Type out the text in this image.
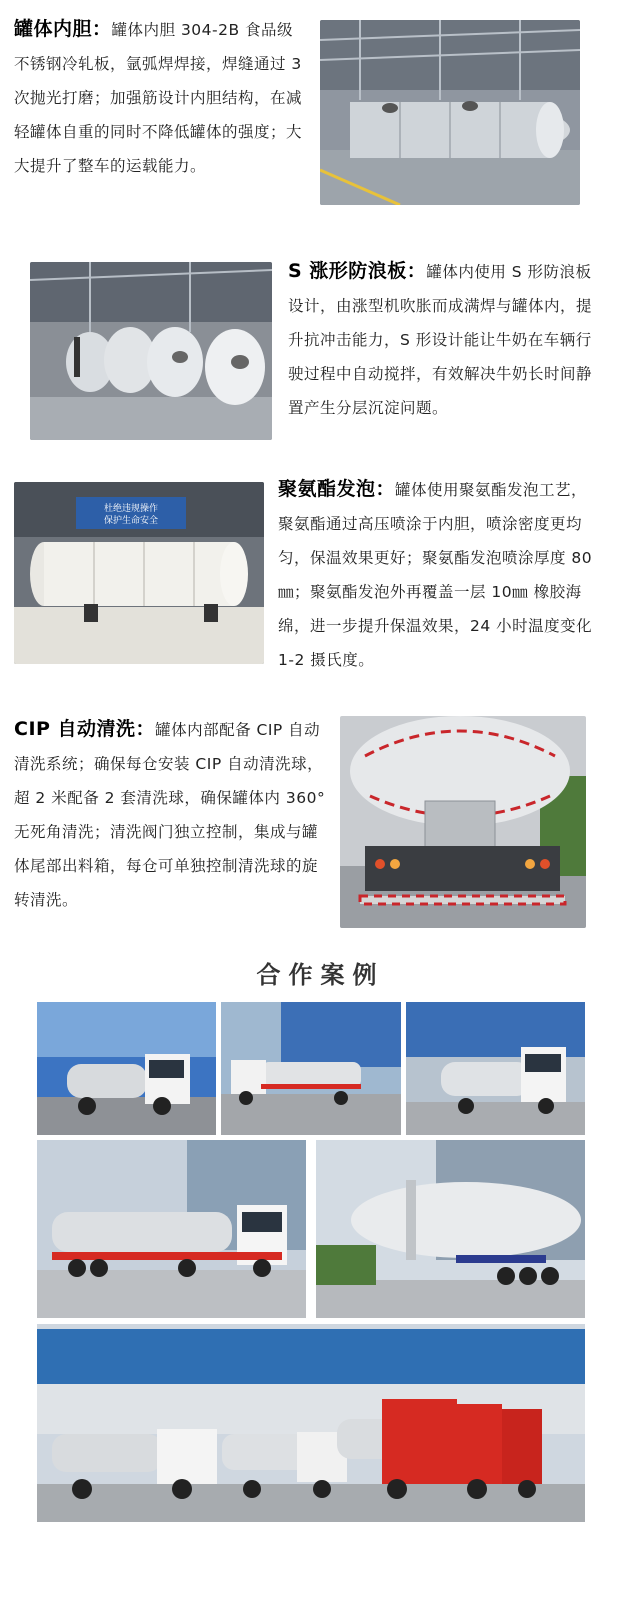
罐体内胆：罐体内胆 304-2B 食品级不锈钢冷轧板，氩弧焊焊接，焊缝通过 3 次抛光打磨；加强筋设计内胆结构，在减轻罐体自重的同时不降低罐体的强度；大大提升了整车的运载能力。
S 涨形防浪板：罐体内使用 S 形防浪板设计，由涨型机吹胀而成满焊与罐体内，提升抗冲击能力，S 形设计能让牛奶在车辆行驶过程中自动搅拌，有效解决牛奶长时间静置产生分层沉淀问题。
杜绝违规操作
保护生命安全
聚氨酯发泡：罐体使用聚氨酯发泡工艺，聚氨酯通过高压喷涂于内胆，喷涂密度更均匀，保温效果更好；聚氨酯发泡喷涂厚度 80㎜；聚氨酯发泡外再覆盖一层 10㎜ 橡胶海绵，进一步提升保温效果，24 小时温度变化 1-2 摄氏度。
CIP 自动清洗：罐体内部配备 CIP 自动清洗系统；确保每仓安装 CIP 自动清洗球，超 2 米配备 2 套清洗球，确保罐体内 360° 无死角清洗；清洗阀门独立控制，集成与罐体尾部出料箱，每仓可单独控制清洗球的旋转清洗。
合作案例
